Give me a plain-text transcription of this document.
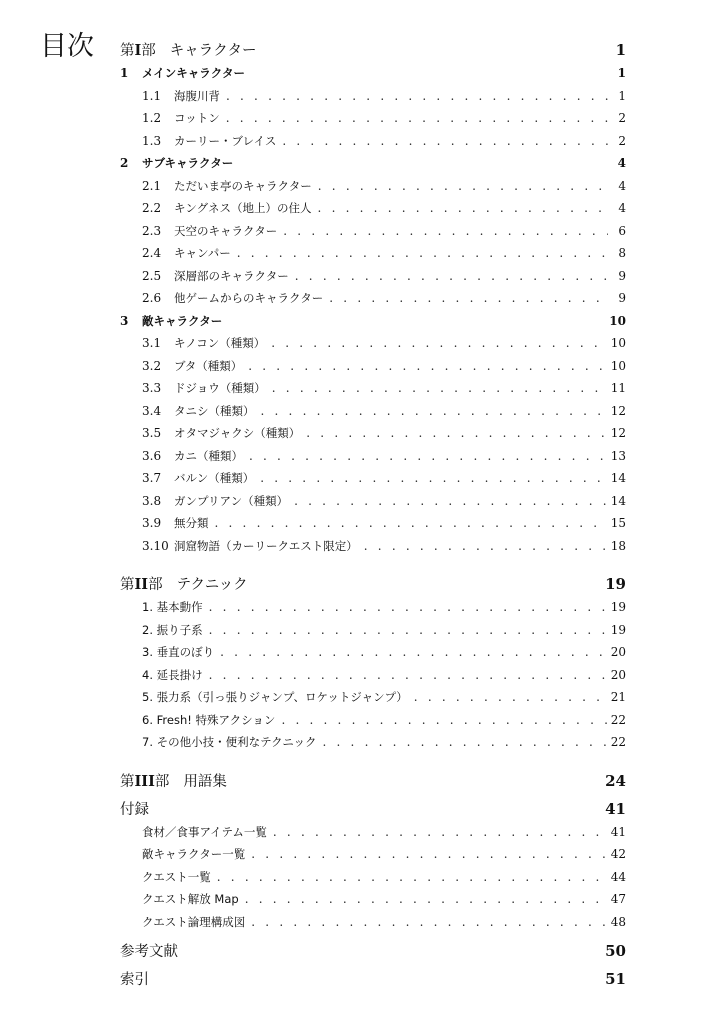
目次 第I部 キャラクター	1
1	メインキャラクター	1
1.1	海腹川背 . . .	1
1.2	コットン . . .	2
1.3	カーリー・ブレイス . . .	2
2	サブキャラクター	4
2.1	ただいま亭のキャラクター . . .	4
2.2	キングネス（地上）の住人 . . .	4
2.3	天空のキャラクター . . .	6
2.4	キャンパー . . .	8
2.5	深層部のキャラクター . . .	9
2.6	他ゲームからのキャラクター . . .	9
3	敵キャラクター	10
3.1	キノコン（種類） . . .	10
3.2	ブタ（種類） . . .	10
3.3	ドジョウ（種類） . . .	11
3.4	タニシ（種類） . . .	12
3.5	オタマジャクシ（種類） . . .	12
3.6	カニ（種類） . . .	13
3.7	バルン（種類） . . .	14
3.8	ガンプリアン（種類） . . .	14
3.9	無分類 . . .	15
3.10 洞窟物語（カーリークエスト限定） . . .	18
第II部 テクニック	19
1. 基本動作 . . .	19
2. 振り子系 . . .	19
3. 垂直のぼり . . .	20
4. 延長掛け . . .	20
5. 張力系（引っ張りジャンプ、ロケットジャンプ） . . .	21
6. Fresh! 特殊アクション . . .	22
7. その他小技・便利なテクニック . . .	22
第III部 用語集	24
付録	41
食材／食事アイテム一覧 . . .	41
敵キャラクター一覧 . . .	42
クエスト一覧 . . .	44
クエスト解放 Map . . .	47
クエスト論理構成図 . . .	48
参考文献	50
索引	51
